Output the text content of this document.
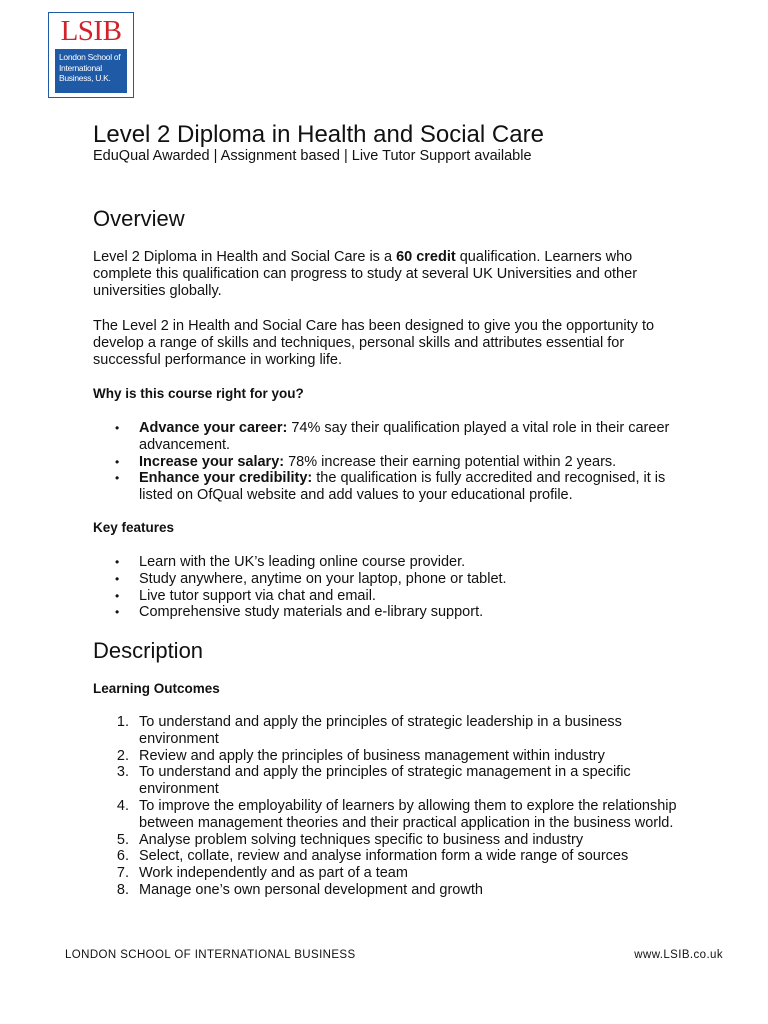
LSIB
London School of
International
Business, U.K.
Level 2 Diploma in Health and Social Care
EduQual Awarded | Assignment based | Live Tutor Support available
Overview

Level 2 Diploma in Health and Social Care is a 60 credit qualification. Learners who complete this qualification can progress to study at several UK Universities and other universities globally.

The Level 2 in Health and Social Care has been designed to give you the opportunity to develop a range of skills and techniques, personal skills and attributes essential for successful performance in working life.

Why is this course right for you?
• Advance your career: 74% say their qualification played a vital role in their career advancement.
• Increase your salary: 78% increase their earning potential within 2 years.
• Enhance your credibility: the qualification is fully accredited and recognised, it is listed on OfQual website and add values to your educational profile.
Key features
• Learn with the UK’s leading online course provider.
• Study anywhere, anytime on your laptop, phone or tablet.
• Live tutor support via chat and email.
• Comprehensive study materials and e-library support.
Description
Learning Outcomes
1. To understand and apply the principles of strategic leadership in a business environment
2. Review and apply the principles of business management within industry
3. To understand and apply the principles of strategic management in a specific environment
4. To improve the employability of learners by allowing them to explore the relationship between management theories and their practical application in the business world.
5. Analyse problem solving techniques specific to business and industry
6. Select, collate, review and analyse information form a wide range of sources
7. Work independently and as part of a team
8. Manage one’s own personal development and growth
LONDON SCHOOL OF INTERNATIONAL BUSINESS	www.LSIB.co.uk
